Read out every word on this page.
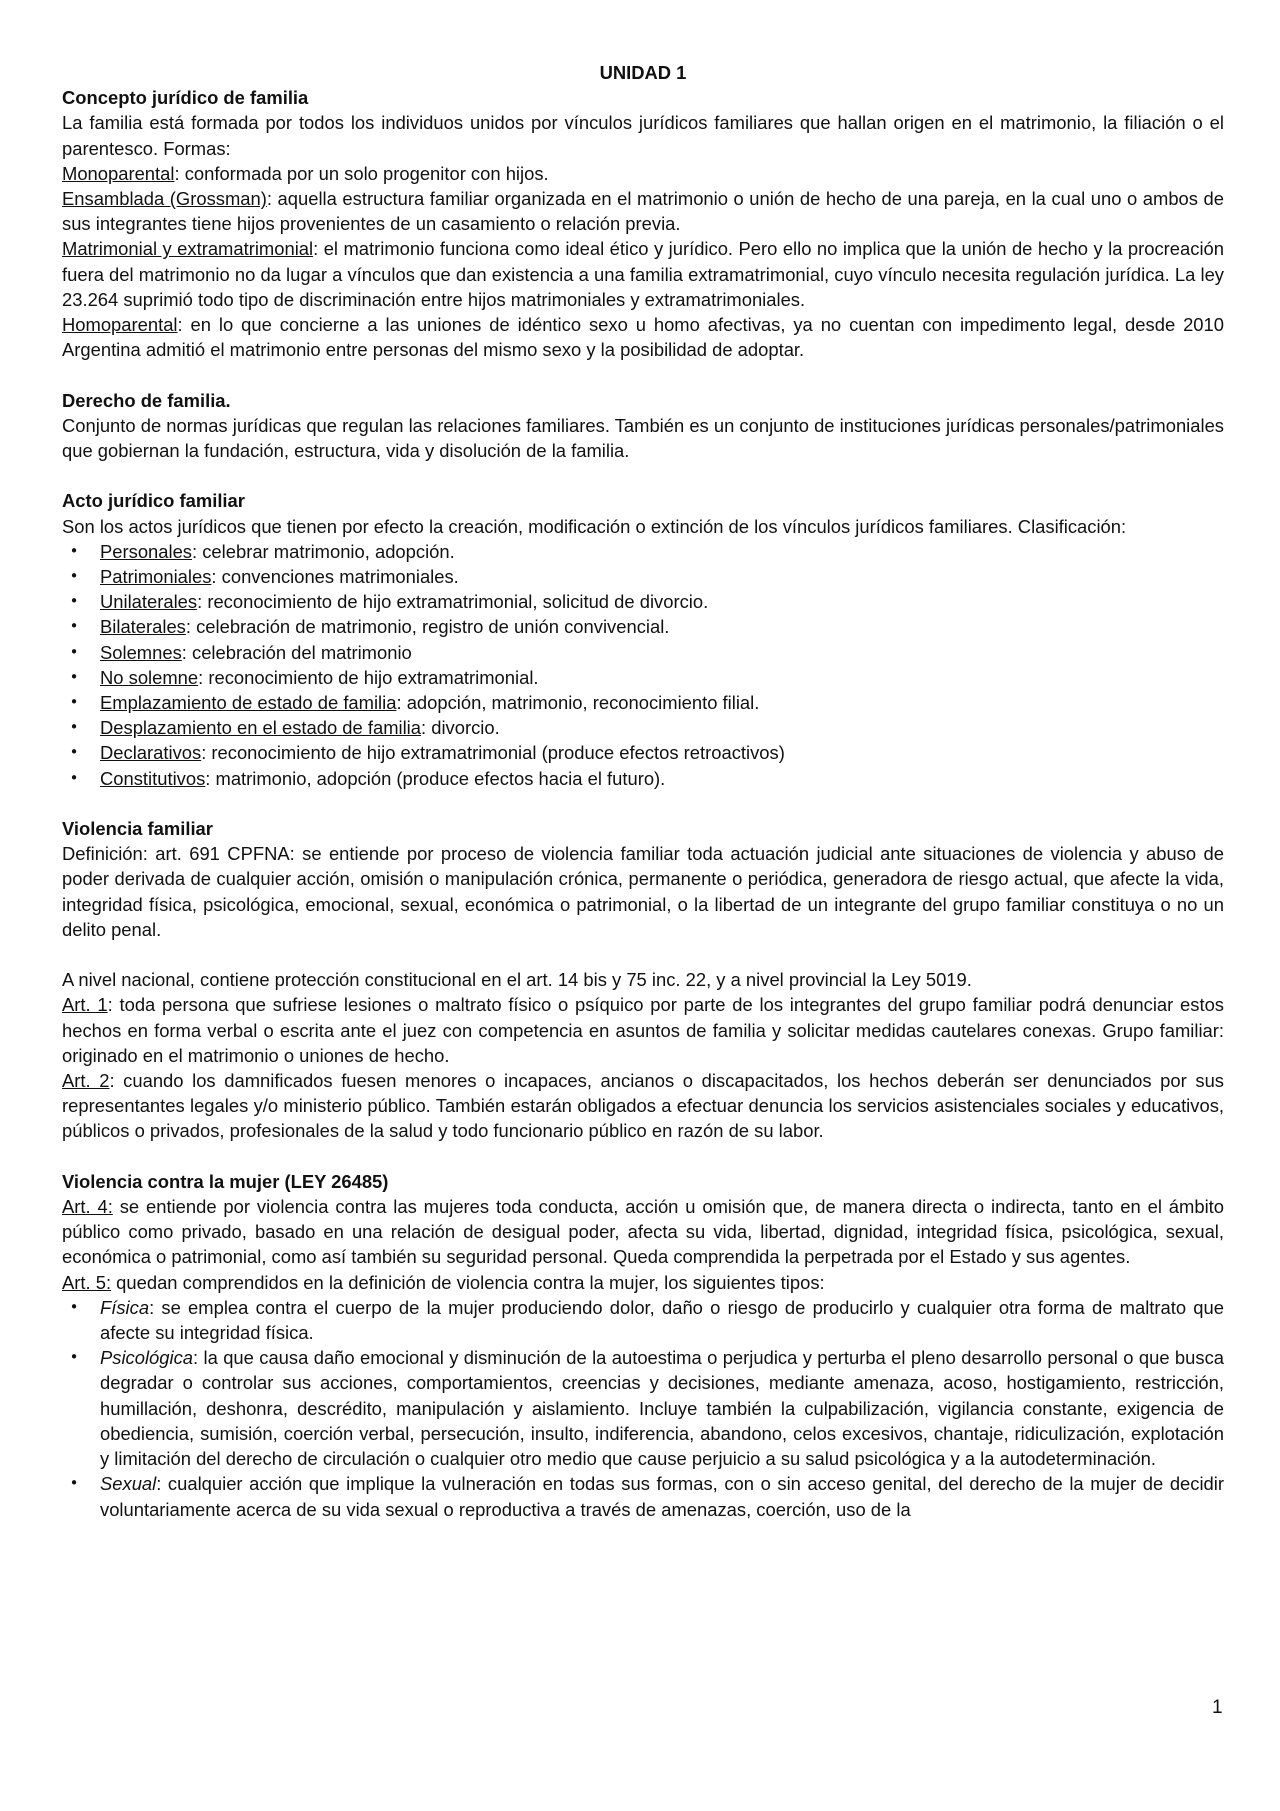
UNIDAD 1

Concepto jurídico de familia

La familia está formada por todos los individuos unidos por vínculos jurídicos familiares que hallan origen en el matrimonio, la filiación o el parentesco. Formas:

Monoparental: conformada por un solo progenitor con hijos.

Ensamblada (Grossman): aquella estructura familiar organizada en el matrimonio o unión de hecho de una pareja, en la cual uno o ambos de sus integrantes tiene hijos provenientes de un casamiento o relación previa.

Matrimonial y extramatrimonial: el matrimonio funciona como ideal ético y jurídico. Pero ello no implica que la unión de hecho y la procreación fuera del matrimonio no da lugar a vínculos que dan existencia a una familia extramatrimonial, cuyo vínculo necesita regulación jurídica. La ley 23.264 suprimió todo tipo de discriminación entre hijos matrimoniales y extramatrimoniales.

Homoparental: en lo que concierne a las uniones de idéntico sexo u homo afectivas, ya no cuentan con impedimento legal, desde 2010 Argentina admitió el matrimonio entre personas del mismo sexo y la posibilidad de adoptar.

Derecho de familia.

Conjunto de normas jurídicas que regulan las relaciones familiares. También es un conjunto de instituciones jurídicas personales/patrimoniales que gobiernan la fundación, estructura, vida y disolución de la familia.

Acto jurídico familiar

Son los actos jurídicos que tienen por efecto la creación, modificación o extinción de los vínculos jurídicos familiares. Clasificación:

•	Personales: celebrar matrimonio, adopción.
•	Patrimoniales: convenciones matrimoniales.
•	Unilaterales: reconocimiento de hijo extramatrimonial, solicitud de divorcio.
•	Bilaterales: celebración de matrimonio, registro de unión convivencial.
•	Solemnes: celebración del matrimonio
•	No solemne: reconocimiento de hijo extramatrimonial.
•	Emplazamiento de estado de familia: adopción, matrimonio, reconocimiento filial.
•	Desplazamiento en el estado de familia: divorcio.
•	Declarativos: reconocimiento de hijo extramatrimonial (produce efectos retroactivos)
•	Constitutivos: matrimonio, adopción (produce efectos hacia el futuro).
Violencia familiar

Definición: art. 691 CPFNA: se entiende por proceso de violencia familiar toda actuación judicial ante situaciones de violencia y abuso de poder derivada de cualquier acción, omisión o manipulación crónica, permanente o periódica, generadora de riesgo actual, que afecte la vida, integridad física, psicológica, emocional, sexual, económica o patrimonial, o la libertad de un integrante del grupo familiar constituya o no un delito penal.

A nivel nacional, contiene protección constitucional en el art. 14 bis y 75 inc. 22, y a nivel provincial la Ley 5019.

Art. 1: toda persona que sufriese lesiones o maltrato físico o psíquico por parte de los integrantes del grupo familiar podrá denunciar estos hechos en forma verbal o escrita ante el juez con competencia en asuntos de familia y solicitar medidas cautelares conexas. Grupo familiar: originado en el matrimonio o uniones de hecho.

Art. 2: cuando los damnificados fuesen menores o incapaces, ancianos o discapacitados, los hechos deberán ser denunciados por sus representantes legales y/o ministerio público. También estarán obligados a efectuar denuncia los servicios asistenciales sociales y educativos, públicos o privados, profesionales de la salud y todo funcionario público en razón de su labor.

Violencia contra la mujer (LEY 26485)

Art. 4: se entiende por violencia contra las mujeres toda conducta, acción u omisión que, de manera directa o indirecta, tanto en el ámbito público como privado, basado en una relación de desigual poder, afecta su vida, libertad, dignidad, integridad física, psicológica, sexual, económica o patrimonial, como así también su seguridad personal. Queda comprendida la perpetrada por el Estado y sus agentes.

Art. 5: quedan comprendidos en la definición de violencia contra la mujer, los siguientes tipos:

•	Física: se emplea contra el cuerpo de la mujer produciendo dolor, daño o riesgo de producirlo y cualquier otra forma de maltrato que afecte su integridad física.
•	Psicológica: la que causa daño emocional y disminución de la autoestima o perjudica y perturba el pleno desarrollo personal o que busca degradar o controlar sus acciones, comportamientos, creencias y decisiones, mediante amenaza, acoso, hostigamiento, restricción, humillación, deshonra, descrédito, manipulación y aislamiento. Incluye también la culpabilización, vigilancia constante, exigencia de obediencia, sumisión, coerción verbal, persecución, insulto, indiferencia, abandono, celos excesivos, chantaje, ridiculización, explotación y limitación del derecho de circulación o cualquier otro medio que cause perjuicio a su salud psicológica y a la autodeterminación.
•	Sexual: cualquier acción que implique la vulneración en todas sus formas, con o sin acceso genital, del derecho de la mujer de decidir voluntariamente acerca de su vida sexual o reproductiva a través de amenazas, coerción, uso de la
1
